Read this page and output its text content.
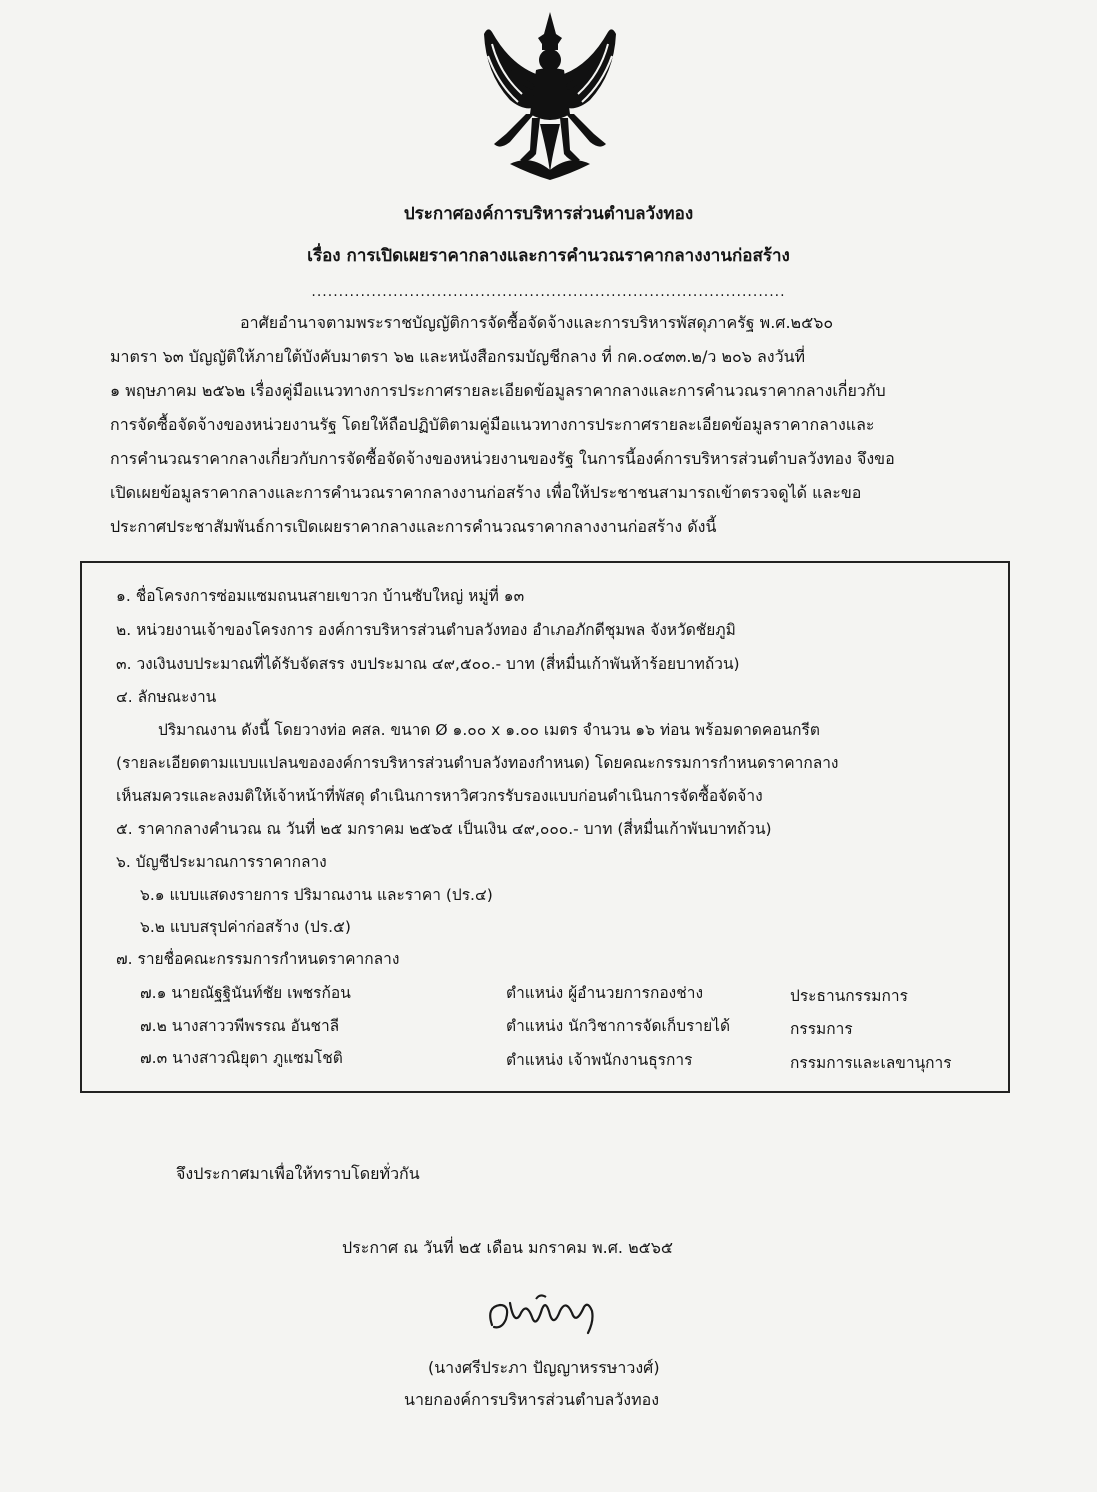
ประกาศองค์การบริหารส่วนตำบลวังทอง
เรื่อง การเปิดเผยราคากลางและการคำนวณราคากลางงานก่อสร้าง
.......................................................................................
อาศัยอำนาจตามพระราชบัญญัติการจัดซื้อจัดจ้างและการบริหารพัสดุภาครัฐ พ.ศ.๒๕๖๐
มาตรา ๖๓ บัญญัติให้ภายใต้บังคับมาตรา ๖๒ และหนังสือกรมบัญชีกลาง ที่ กค.๐๔๓๓.๒/ว ๒๐๖ ลงวันที่
๑ พฤษภาคม ๒๕๖๒ เรื่องคู่มือแนวทางการประกาศรายละเอียดข้อมูลราคากลางและการคำนวณราคากลางเกี่ยวกับ
การจัดซื้อจัดจ้างของหน่วยงานรัฐ โดยให้ถือปฏิบัติตามคู่มือแนวทางการประกาศรายละเอียดข้อมูลราคากลางและ
การคำนวณราคากลางเกี่ยวกับการจัดซื้อจัดจ้างของหน่วยงานของรัฐ ในการนี้องค์การบริหารส่วนตำบลวังทอง จึงขอ
เปิดเผยข้อมูลราคากลางและการคำนวณราคากลางงานก่อสร้าง เพื่อให้ประชาชนสามารถเข้าตรวจดูได้ และขอ
ประกาศประชาสัมพันธ์การเปิดเผยราคากลางและการคำนวณราคากลางงานก่อสร้าง ดังนี้
๑. ชื่อโครงการซ่อมแซมถนนสายเขาวก บ้านซับใหญ่ หมู่ที่ ๑๓
๒. หน่วยงานเจ้าของโครงการ องค์การบริหารส่วนตำบลวังทอง อำเภอภักดีชุมพล จังหวัดชัยภูมิ
๓. วงเงินงบประมาณที่ได้รับจัดสรร งบประมาณ ๔๙,๕๐๐.- บาท (สี่หมื่นเก้าพันห้าร้อยบาทถ้วน)
๔. ลักษณะงาน
ปริมาณงาน ดังนี้ โดยวางท่อ คสล. ขนาด Ø ๑.๐๐ x ๑.๐๐ เมตร จำนวน ๑๖ ท่อน พร้อมดาดคอนกรีต
(รายละเอียดตามแบบแปลนขององค์การบริหารส่วนตำบลวังทองกำหนด) โดยคณะกรรมการกำหนดราคากลาง
เห็นสมควรและลงมติให้เจ้าหน้าที่พัสดุ ดำเนินการหาวิศวกรรับรองแบบก่อนดำเนินการจัดซื้อจัดจ้าง
๕. ราคากลางคำนวณ ณ วันที่ ๒๕ มกราคม ๒๕๖๕ เป็นเงิน ๔๙,๐๐๐.- บาท (สี่หมื่นเก้าพันบาทถ้วน)
๖. บัญชีประมาณการราคากลาง
๖.๑ แบบแสดงรายการ ปริมาณงาน และราคา (ปร.๔)
๖.๒ แบบสรุปค่าก่อสร้าง (ปร.๕)
๗. รายชื่อคณะกรรมการกำหนดราคากลาง
๗.๑ นายณัฐฐินันท์ชัย เพชรก้อน	ตำแหน่ง ผู้อำนวยการกองช่าง	ประธานกรรมการ
๗.๒ นางสาววพีพรรณ อันชาลี	ตำแหน่ง นักวิชาการจัดเก็บรายได้	กรรมการ
๗.๓ นางสาวณิยุตา ภูแซมโชติ	ตำแหน่ง เจ้าพนักงานธุรการ	กรรมการและเลขานุการ
จึงประกาศมาเพื่อให้ทราบโดยทั่วกัน
ประกาศ ณ วันที่ ๒๕ เดือน มกราคม พ.ศ. ๒๕๖๕
(นางศรีประภา ปัญญาหรรษาวงศ์)
นายกองค์การบริหารส่วนตำบลวังทอง
